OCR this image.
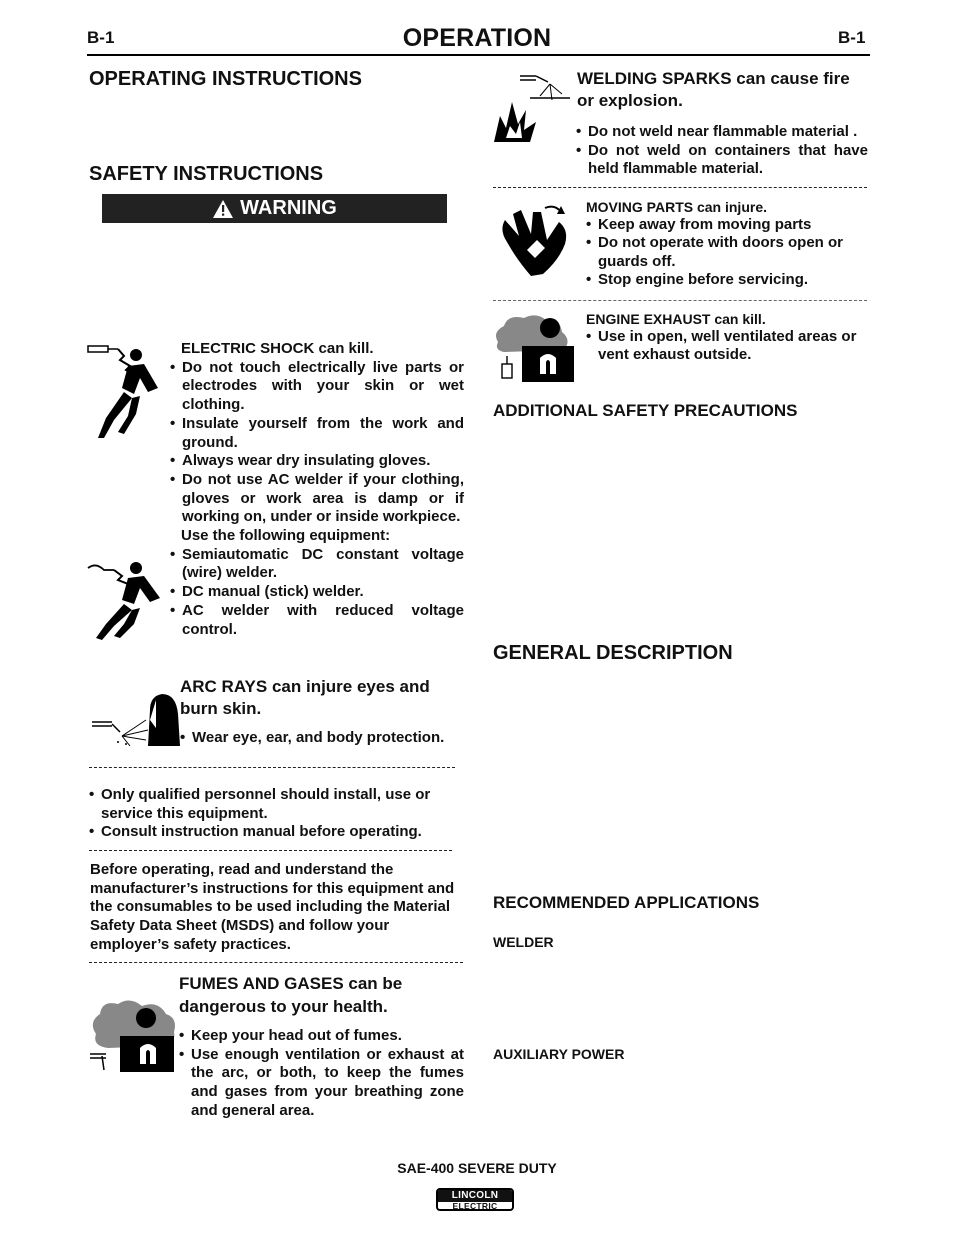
B-1	OPERATION	B-1
OPERATING INSTRUCTIONS
SAFETY INSTRUCTIONS
WARNING
ELECTRIC SHOCK can kill.
• Do not touch electrically live parts or electrodes with your skin or wet clothing.
• Insulate yourself from the work and ground.
• Always wear dry insulating gloves.
• Do not use AC welder if your clothing, gloves or work area is damp or if working on, under or inside workpiece.
Use the following equipment:
• Semiautomatic DC constant voltage (wire) welder.
• DC manual (stick) welder.
• AC welder with reduced voltage control.
ARC RAYS can injure eyes and burn skin.
• Wear eye, ear, and body protection.
• Only qualified personnel should install, use or service this equipment.
• Consult instruction manual before operating.
Before operating, read and understand the manufacturer’s instructions for this equipment and the consumables to be used including the Material Safety Data Sheet (MSDS) and follow your employer’s safety practices.
FUMES AND GASES can be dangerous to your health.
• Keep your head out of fumes.
• Use enough ventilation or exhaust at the arc, or both, to keep the fumes and gases from your breathing zone and general area.
WELDING SPARKS can cause fire or explosion.
• Do not weld near flammable material .
• Do not weld on containers that have held flammable material.
MOVING PARTS can injure.
• Keep away from moving parts
• Do not operate with doors open or guards off.
• Stop engine before servicing.
ENGINE EXHAUST can kill.
• Use in open, well ventilated areas or vent exhaust outside.
ADDITIONAL SAFETY PRECAUTIONS
GENERAL DESCRIPTION
RECOMMENDED APPLICATIONS
WELDER
AUXILIARY POWER
SAE-400 SEVERE DUTY
LINCOLN
ELECTRIC
